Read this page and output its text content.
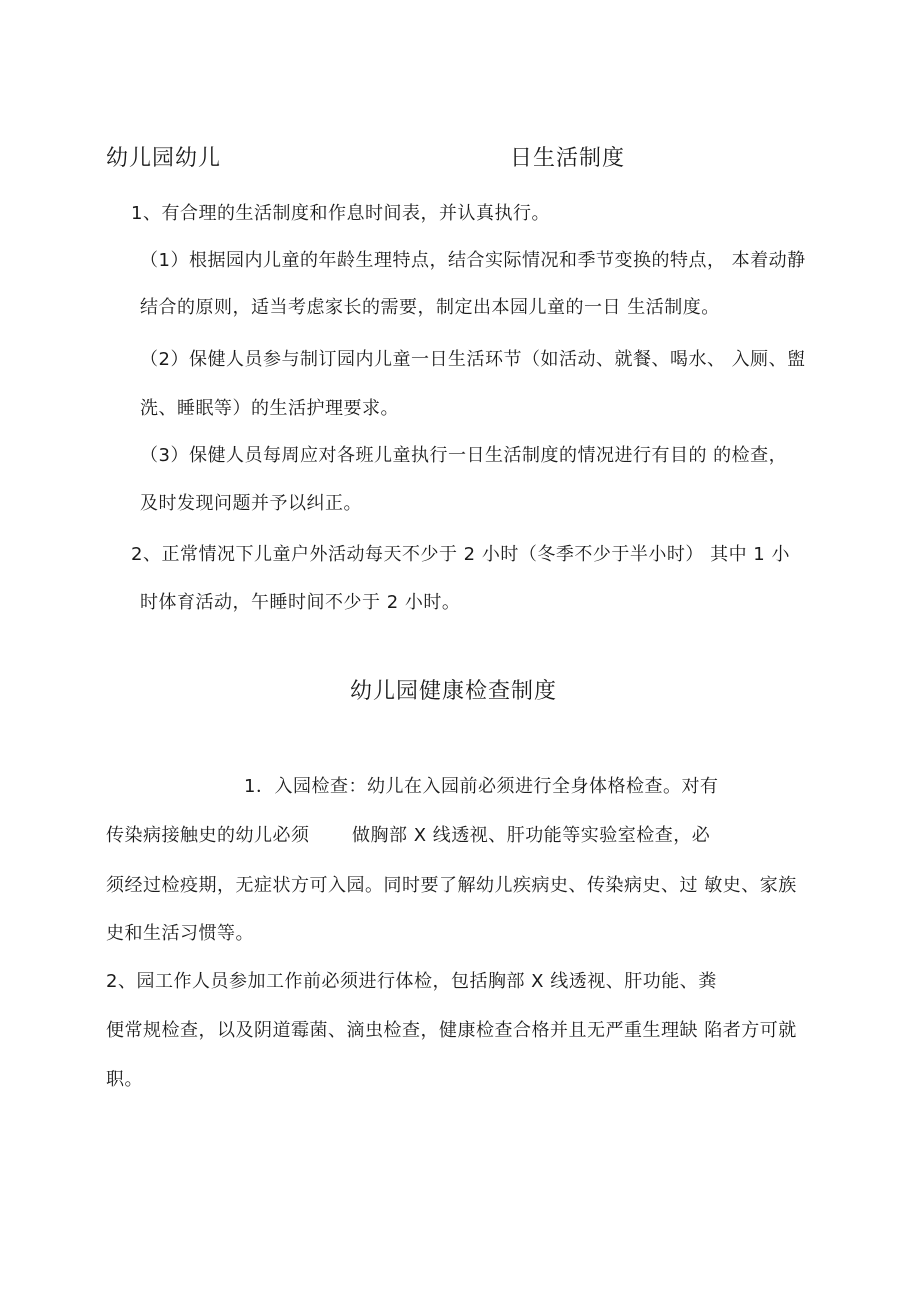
幼儿园幼儿	日生活制度
1、有合理的生活制度和作息时间表，并认真执行。
（1）根据园内儿童的年龄生理特点，结合实际情况和季节变换的特点， 本着动静
结合的原则，适当考虑家长的需要，制定出本园儿童的一日 生活制度。
（2）保健人员参与制订园内儿童一日生活环节（如活动、就餐、喝水、 入厕、盥
洗、睡眠等）的生活护理要求。
（3）保健人员每周应对各班儿童执行一日生活制度的情况进行有目的 的检查，
及时发现问题并予以纠正。
2、正常情况下儿童户外活动每天不少于 2 小时（冬季不少于半小时） 其中 1 小
时体育活动，午睡时间不少于 2 小时。
幼儿园健康检查制度
1．入园检查：幼儿在入园前必须进行全身体格检查。对有
传染病接触史的幼儿必须 做胸部 X 线透视、肝功能等实验室检查，必
须经过检疫期，无症状方可入园。同时要了解幼儿疾病史、传染病史、过 敏史、家族
史和生活习惯等。
2、园工作人员参加工作前必须进行体检，包括胸部 X 线透视、肝功能、粪
便常规检查，以及阴道霉菌、滴虫检查，健康检查合格并且无严重生理缺 陷者方可就
职。
